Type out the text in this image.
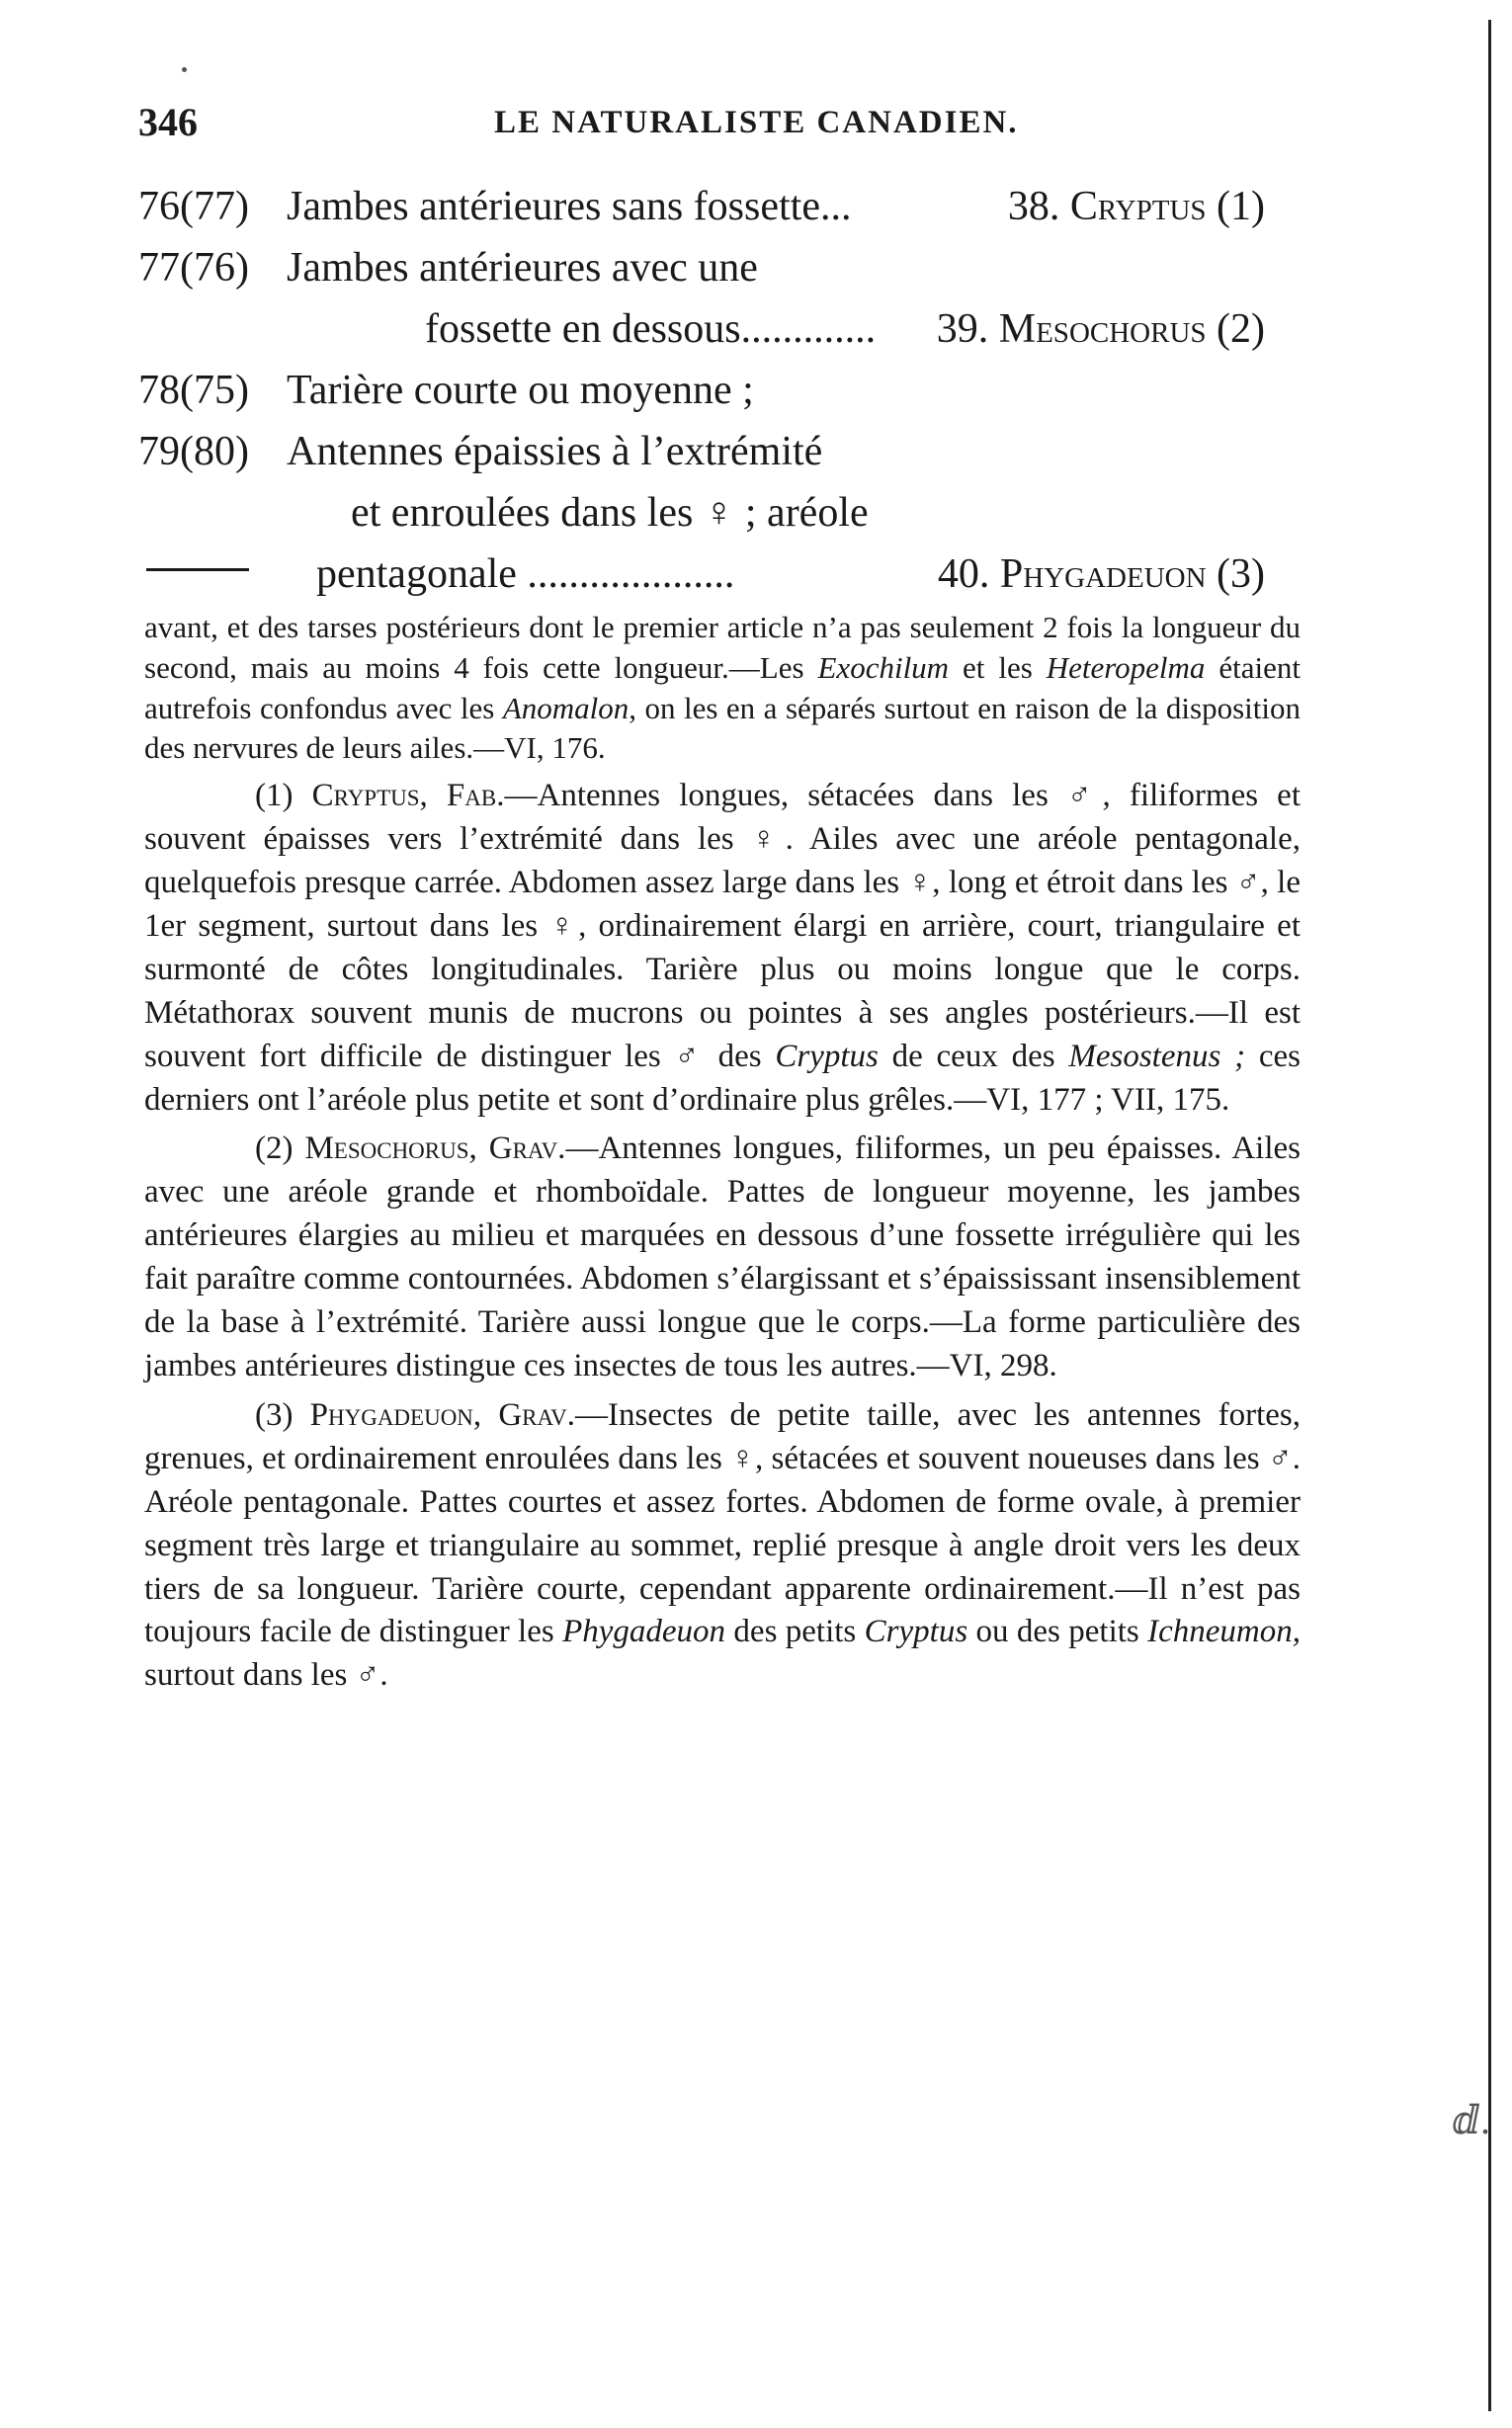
ⅆ.
346	LE NATURALISTE CANADIEN.
76(77) Jambes antérieures sans fossette...	38. Cryptus (1)
77(76) Jambes antérieures avec une
fossette en dessous............. 39. Mesochorus (2)
78(75) Tarière courte ou moyenne ;
79(80) Antennes épaissies à l’extrémité
et enroulées dans les ♀ ; aréole
pentagonale ....................	40. Phygadeuon (3)

avant, et des tarses postérieurs dont le premier article n’a pas seulement 2 fois la longueur du second, mais au moins 4 fois cette longueur.—Les Exochilum et les Heteropelma étaient autrefois confondus avec les Anomalon, on les en a séparés surtout en raison de la disposition des nervures de leurs ailes.—VI, 176.

(1) Cryptus, Fab.—Antennes longues, sétacées dans les ♂, filiformes et souvent épaisses vers l’extrémité dans les ♀. Ailes avec une aréole pentagonale, quelquefois presque carrée. Abdomen assez large dans les ♀, long et étroit dans les ♂, le 1er segment, surtout dans les ♀, ordinairement élargi en arrière, court, triangulaire et surmonté de côtes longitudinales. Tarière plus ou moins longue que le corps. Métathorax souvent munis de mucrons ou pointes à ses angles postérieurs.—Il est souvent fort difficile de distinguer les ♂ des Cryptus de ceux des Mesostenus ; ces derniers ont l’aréole plus petite et sont d’ordinaire plus grêles.—VI, 177 ; VII, 175.

(2) Mesochorus, Grav.—Antennes longues, filiformes, un peu épaisses. Ailes avec une aréole grande et rhomboïdale. Pattes de longueur moyenne, les jambes antérieures élargies au milieu et marquées en dessous d’une fossette irrégulière qui les fait paraître comme contournées. Abdomen s’élargissant et s’épaississant insensiblement de la base à l’extrémité. Tarière aussi longue que le corps.—La forme particulière des jambes antérieures distingue ces insectes de tous les autres.—VI, 298.

(3) Phygadeuon, Grav.—Insectes de petite taille, avec les antennes fortes, grenues, et ordinairement enroulées dans les ♀, sétacées et souvent noueuses dans les ♂. Aréole pentagonale. Pattes courtes et assez fortes. Abdomen de forme ovale, à premier segment très large et triangulaire au sommet, replié presque à angle droit vers les deux tiers de sa longueur. Tarière courte, cependant apparente ordinairement.—Il n’est pas toujours facile de distinguer les Phygadeuon des petits Cryptus ou des petits Ichneumon, surtout dans les ♂.
